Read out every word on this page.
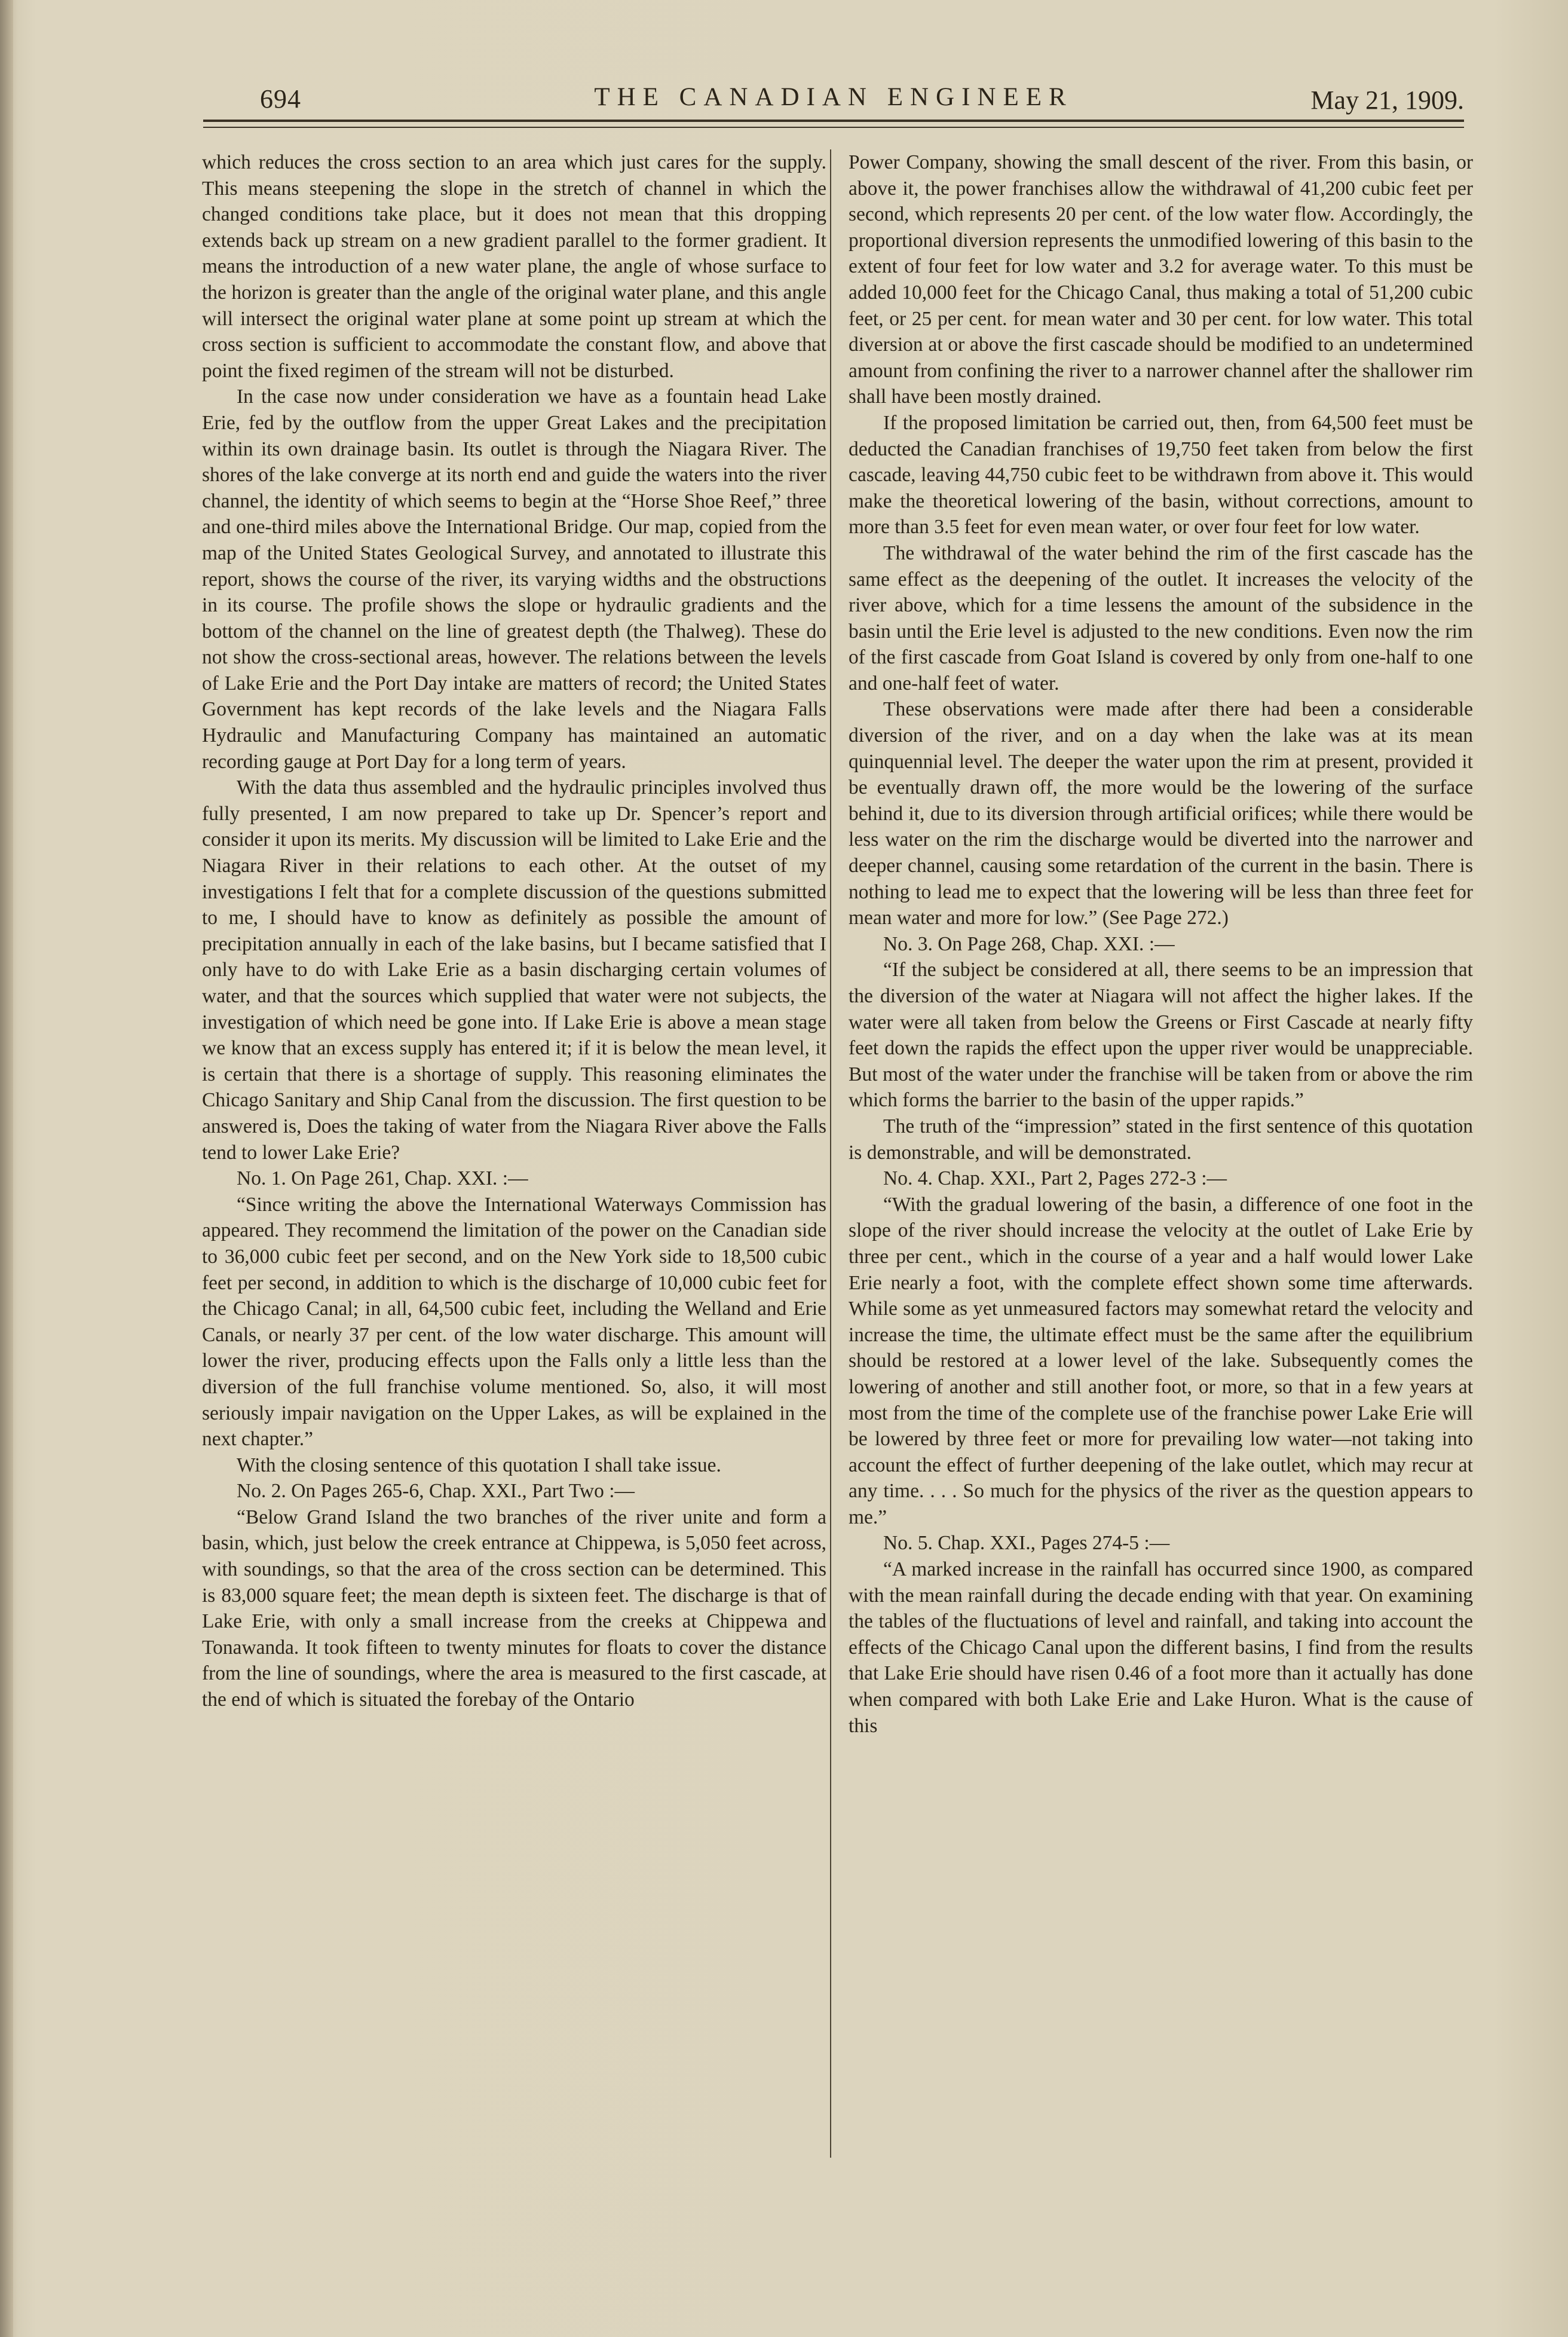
694	THE CANADIAN ENGINEER	May 21, 1909.

which reduces the cross section to an area which just cares for the supply. This means steepening the slope in the stretch of channel in which the changed conditions take place, but it does not mean that this dropping extends back up stream on a new gradient parallel to the former gradient. It means the introduction of a new water plane, the angle of whose surface to the horizon is greater than the angle of the original water plane, and this angle will intersect the original water plane at some point up stream at which the cross section is sufficient to accommodate the constant flow, and above that point the fixed regimen of the stream will not be disturbed.

In the case now under consideration we have as a fountain head Lake Erie, fed by the outflow from the upper Great Lakes and the precipitation within its own drainage basin. Its outlet is through the Niagara River. The shores of the lake converge at its north end and guide the waters into the river channel, the identity of which seems to begin at the “Horse Shoe Reef,” three and one-third miles above the International Bridge. Our map, copied from the map of the United States Geological Survey, and annotated to illustrate this report, shows the course of the river, its varying widths and the obstructions in its course. The profile shows the slope or hydraulic gradients and the bottom of the channel on the line of greatest depth (the Thalweg). These do not show the cross-sectional areas, however. The relations between the levels of Lake Erie and the Port Day intake are matters of record; the United States Government has kept records of the lake levels and the Niagara Falls Hydraulic and Manufacturing Company has maintained an automatic recording gauge at Port Day for a long term of years.

With the data thus assembled and the hydraulic principles involved thus fully presented, I am now prepared to take up Dr. Spencer’s report and consider it upon its merits. My discussion will be limited to Lake Erie and the Niagara River in their relations to each other. At the outset of my investigations I felt that for a complete discussion of the questions submitted to me, I should have to know as definitely as possible the amount of precipitation annually in each of the lake basins, but I became satisfied that I only have to do with Lake Erie as a basin discharging certain volumes of water, and that the sources which supplied that water were not subjects, the investigation of which need be gone into. If Lake Erie is above a mean stage we know that an excess supply has entered it; if it is below the mean level, it is certain that there is a shortage of supply. This reasoning eliminates the Chicago Sanitary and Ship Canal from the discussion. The first question to be answered is, Does the taking of water from the Niagara River above the Falls tend to lower Lake Erie?

No. 1. On Page 261, Chap. XXI. :—

“Since writing the above the International Waterways Commission has appeared. They recommend the limitation of the power on the Canadian side to 36,000 cubic feet per second, and on the New York side to 18,500 cubic feet per second, in addition to which is the discharge of 10,000 cubic feet for the Chicago Canal; in all, 64,500 cubic feet, including the Welland and Erie Canals, or nearly 37 per cent. of the low water discharge. This amount will lower the river, producing effects upon the Falls only a little less than the diversion of the full franchise volume mentioned. So, also, it will most seriously impair navigation on the Upper Lakes, as will be explained in the next chapter.”

With the closing sentence of this quotation I shall take issue.

No. 2. On Pages 265-6, Chap. XXI., Part Two :—

“Below Grand Island the two branches of the river unite and form a basin, which, just below the creek entrance at Chippewa, is 5,050 feet across, with soundings, so that the area of the cross section can be determined. This is 83,000 square feet; the mean depth is sixteen feet. The discharge is that of Lake Erie, with only a small increase from the creeks at Chippewa and Tonawanda. It took fifteen to twenty minutes for floats to cover the distance from the line of soundings, where the area is measured to the first cascade, at the end of which is situated the forebay of the Ontario

Power Company, showing the small descent of the river. From this basin, or above it, the power franchises allow the withdrawal of 41,200 cubic feet per second, which represents 20 per cent. of the low water flow. Accordingly, the proportional diversion represents the unmodified lowering of this basin to the extent of four feet for low water and 3.2 for average water. To this must be added 10,000 feet for the Chicago Canal, thus making a total of 51,200 cubic feet, or 25 per cent. for mean water and 30 per cent. for low water. This total diversion at or above the first cascade should be modified to an undetermined amount from confining the river to a narrower channel after the shallower rim shall have been mostly drained.

If the proposed limitation be carried out, then, from 64,500 feet must be deducted the Canadian franchises of 19,750 feet taken from below the first cascade, leaving 44,750 cubic feet to be withdrawn from above it. This would make the theoretical lowering of the basin, without corrections, amount to more than 3.5 feet for even mean water, or over four feet for low water.

The withdrawal of the water behind the rim of the first cascade has the same effect as the deepening of the outlet. It increases the velocity of the river above, which for a time lessens the amount of the subsidence in the basin until the Erie level is adjusted to the new conditions. Even now the rim of the first cascade from Goat Island is covered by only from one-half to one and one-half feet of water.

These observations were made after there had been a considerable diversion of the river, and on a day when the lake was at its mean quinquennial level. The deeper the water upon the rim at present, provided it be eventually drawn off, the more would be the lowering of the surface behind it, due to its diversion through artificial orifices; while there would be less water on the rim the discharge would be diverted into the narrower and deeper channel, causing some retardation of the current in the basin. There is nothing to lead me to expect that the lowering will be less than three feet for mean water and more for low.” (See Page 272.)

No. 3. On Page 268, Chap. XXI. :—

“If the subject be considered at all, there seems to be an impression that the diversion of the water at Niagara will not affect the higher lakes. If the water were all taken from below the Greens or First Cascade at nearly fifty feet down the rapids the effect upon the upper river would be unappreciable. But most of the water under the franchise will be taken from or above the rim which forms the barrier to the basin of the upper rapids.”

The truth of the “impression” stated in the first sentence of this quotation is demonstrable, and will be demonstrated.

No. 4. Chap. XXI., Part 2, Pages 272-3 :—

“With the gradual lowering of the basin, a difference of one foot in the slope of the river should increase the velocity at the outlet of Lake Erie by three per cent., which in the course of a year and a half would lower Lake Erie nearly a foot, with the complete effect shown some time afterwards. While some as yet unmeasured factors may somewhat retard the velocity and increase the time, the ultimate effect must be the same after the equilibrium should be restored at a lower level of the lake. Subsequently comes the lowering of another and still another foot, or more, so that in a few years at most from the time of the complete use of the franchise power Lake Erie will be lowered by three feet or more for prevailing low water—not taking into account the effect of further deepening of the lake outlet, which may recur at any time. . . . So much for the physics of the river as the question appears to me.”

No. 5. Chap. XXI., Pages 274-5 :—

“A marked increase in the rainfall has occurred since 1900, as compared with the mean rainfall during the decade ending with that year. On examining the tables of the fluctuations of level and rainfall, and taking into account the effects of the Chicago Canal upon the different basins, I find from the results that Lake Erie should have risen 0.46 of a foot more than it actually has done when compared with both Lake Erie and Lake Huron. What is the cause of this
